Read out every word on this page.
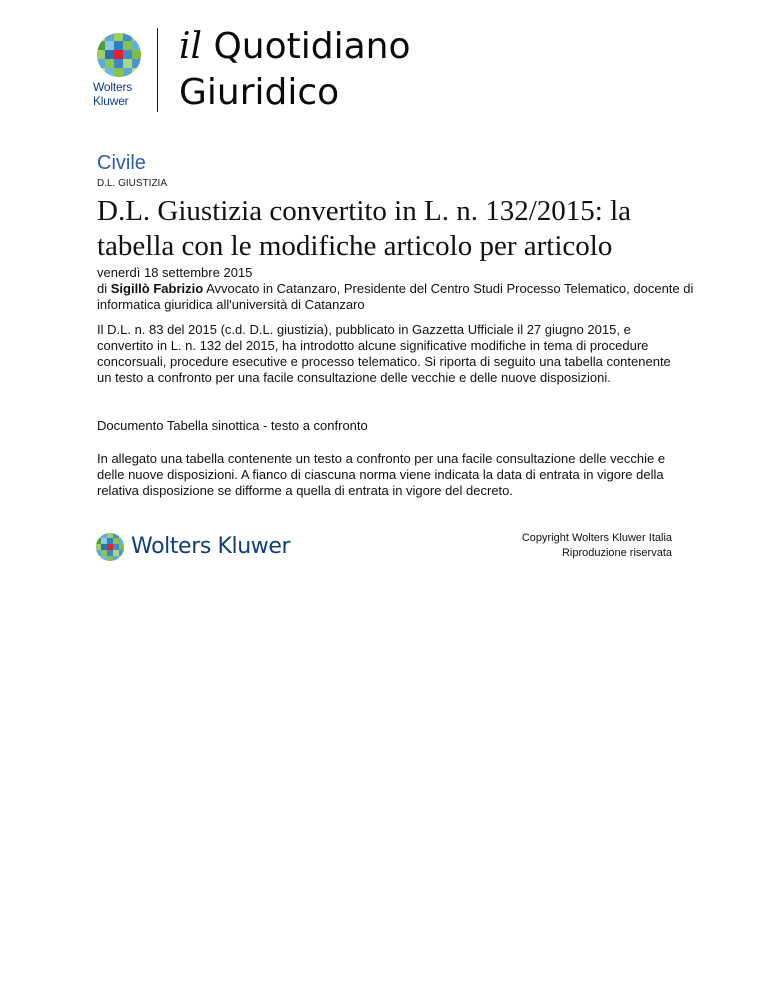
Wolters
Kluwer
il Quotidiano
Giuridico
Civile
D.L. GIUSTIZIA
D.L. Giustizia convertito in L. n. 132/2015: la tabella con le modifiche articolo per articolo
venerdì 18 settembre 2015
di Sigillò Fabrizio Avvocato in Catanzaro, Presidente del Centro Studi Processo Telematico, docente di informatica giuridica all'università di Catanzaro
Il D.L. n. 83 del 2015 (c.d. D.L. giustizia), pubblicato in Gazzetta Ufficiale il 27 giugno 2015, e convertito in L. n. 132 del 2015, ha introdotto alcune significative modifiche in tema di procedure concorsuali, procedure esecutive e processo telematico. Si riporta di seguito una tabella contenente un testo a confronto per una facile consultazione delle vecchie e delle nuove disposizioni.
Documento Tabella sinottica - testo a confronto
In allegato una tabella contenente un testo a confronto per una facile consultazione delle vecchie e delle nuove disposizioni. A fianco di ciascuna norma viene indicata la data di entrata in vigore della relativa disposizione se difforme a quella di entrata in vigore del decreto.
Wolters Kluwer	Copyright Wolters Kluwer Italia
Riproduzione riservata
